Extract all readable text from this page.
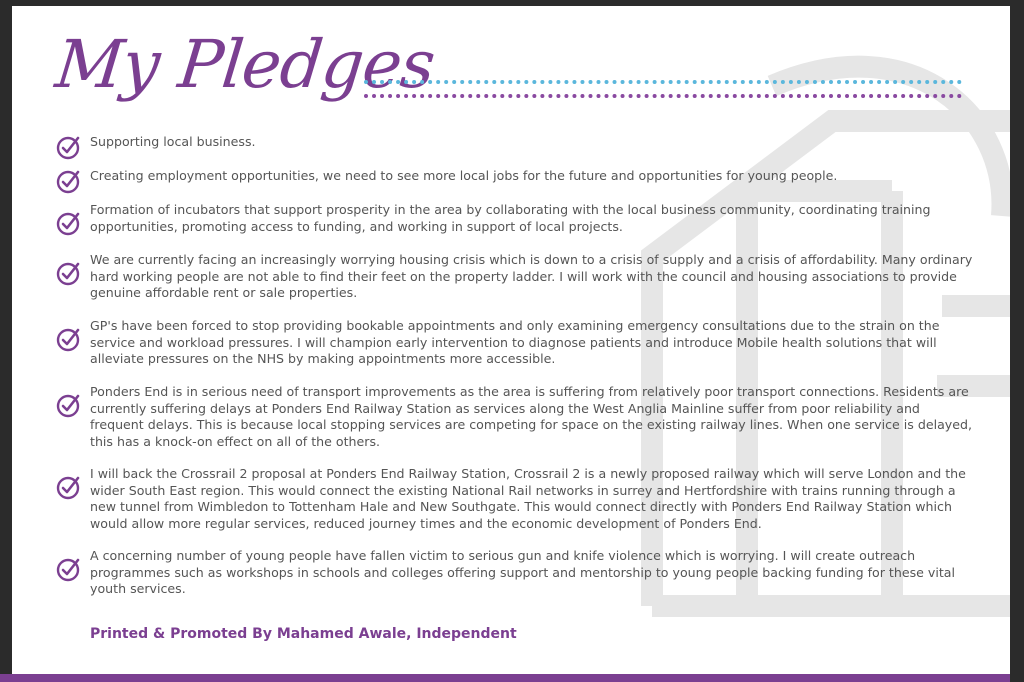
My Pledges
Supporting local business.
Creating employment opportunities, we need to see more local jobs for the future and opportunities for young people.
Formation of incubators that support prosperity in the area by collaborating with the local business community, coordinating training opportunities, promoting access to funding, and working in support of local projects.
We are currently facing an increasingly worrying housing crisis which is down to a crisis of supply and a crisis of affordability. Many ordinary hard working people are not able to find their feet on the property ladder. I will work with the council and housing associations to provide genuine affordable rent or sale properties.
GP's have been forced to stop providing bookable appointments and only examining emergency consultations due to the strain on the service and workload pressures. I will champion early intervention to diagnose patients and introduce Mobile health solutions that will alleviate pressures on the NHS by making appointments more accessible.
Ponders End is in serious need of transport improvements as the area is suffering from relatively poor transport connections. Residents are currently suffering delays at Ponders End Railway Station as services along the West Anglia Mainline suffer from poor reliability and frequent delays. This is because local stopping services are competing for space on the existing railway lines. When one service is delayed, this has a knock-on effect on all of the others.
I will back the Crossrail 2 proposal at Ponders End Railway Station, Crossrail 2 is a newly proposed railway which will serve London and the wider South East region. This would connect the existing National Rail networks in surrey and Hertfordshire with trains running through a new tunnel from Wimbledon to Tottenham Hale and New Southgate. This would connect directly with Ponders End Railway Station which would allow more regular services, reduced journey times and the economic development of Ponders End.
A concerning number of young people have fallen victim to serious gun and knife violence which is worrying. I will create outreach programmes such as workshops in schools and colleges offering support and mentorship to young people backing funding for these vital youth services.
Printed & Promoted By Mahamed Awale, Independent
